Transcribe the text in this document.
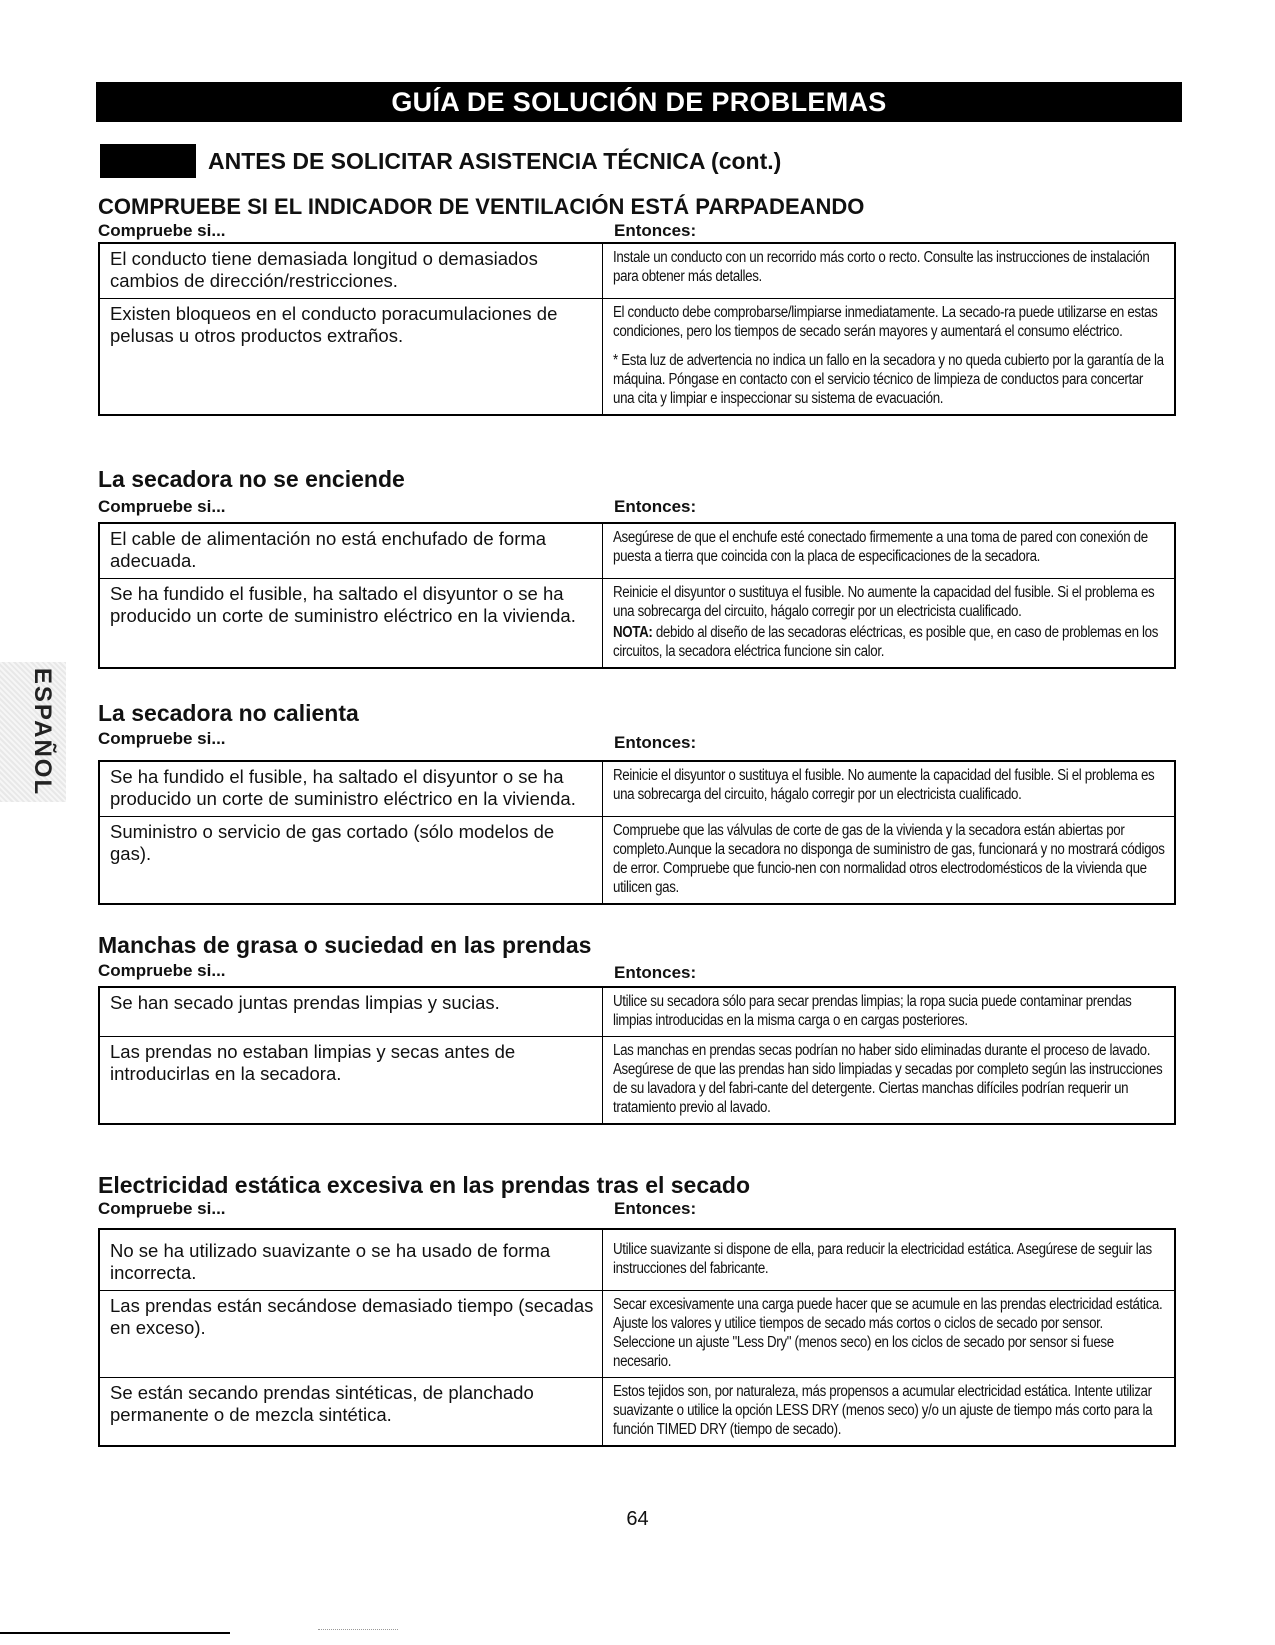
GUÍA DE SOLUCIÓN DE PROBLEMAS
ANTES DE SOLICITAR ASISTENCIA TÉCNICA (cont.)
ESPAÑOL
COMPRUEBE SI EL INDICADOR DE VENTILACIÓN ESTÁ PARPADEANDO
Compruebe si...	Entonces:
El conducto tiene demasiada longitud o demasiados cambios de dirección/restricciones.	Instale un conducto con un recorrido más corto o recto. Consulte las instrucciones de instalación para obtener más detalles.

Existen bloqueos en el conducto poracumulaciones de pelusas u otros productos extraños.	El conducto debe comprobarse/limpiarse inmediatamente. La secado-ra puede utilizarse en estas condiciones, pero los tiempos de secado serán mayores y aumentará el consumo eléctrico.

* Esta luz de advertencia no indica un fallo en la secadora y no queda cubierto por la garantía de la máquina. Póngase en contacto con el servicio técnico de limpieza de conductos para concertar una cita y limpiar e inspeccionar su sistema de evacuación.

La secadora no se enciende
Compruebe si...	Entonces:
El cable de alimentación no está enchufado de forma adecuada.	Asegúrese de que el enchufe esté conectado firmemente a una toma de pared con conexión de puesta a tierra que coincida con la placa de especificaciones de la secadora.

Se ha fundido el fusible, ha saltado el disyuntor o se ha producido un corte de suministro eléctrico en la vivienda.	Reinicie el disyuntor o sustituya el fusible. No aumente la capacidad del fusible. Si el problema es una sobrecarga del circuito, hágalo corregir por un electricista cualificado.

NOTA: debido al diseño de las secadoras eléctricas, es posible que, en caso de problemas en los circuitos, la secadora eléctrica funcione sin calor.

La secadora no calienta
Compruebe si...	Entonces:
Se ha fundido el fusible, ha saltado el disyuntor o se ha producido un corte de suministro eléctrico en la vivienda.	Reinicie el disyuntor o sustituya el fusible. No aumente la capacidad del fusible. Si el problema es una sobrecarga del circuito, hágalo corregir por un electricista cualificado.

Suministro o servicio de gas cortado (sólo modelos de gas).	Compruebe que las válvulas de corte de gas de la vivienda y la secadora están abiertas por completo.Aunque la secadora no disponga de suministro de gas, funcionará y no mostrará códigos de error. Compruebe que funcio-nen con normalidad otros electrodomésticos de la vivienda que utilicen gas.

Manchas de grasa o suciedad en las prendas
Compruebe si...	Entonces:
Se han secado juntas prendas limpias y sucias.	Utilice su secadora sólo para secar prendas limpias; la ropa sucia puede contaminar prendas limpias introducidas en la misma carga o en cargas posteriores.

Las prendas no estaban limpias y secas antes de introducirlas en la secadora.	Las manchas en prendas secas podrían no haber sido eliminadas durante el proceso de lavado. Asegúrese de que las prendas han sido limpiadas y secadas por completo según las instrucciones de su lavadora y del fabri-cante del detergente. Ciertas manchas difíciles podrían requerir un tratamiento previo al lavado.

Electricidad estática excesiva en las prendas tras el secado
Compruebe si...	Entonces:
No se ha utilizado suavizante o se ha usado de forma incorrecta.	Utilice suavizante si dispone de ella, para reducir la electricidad estática. Asegúrese de seguir las instrucciones del fabricante.

Las prendas están secándose demasiado tiempo (secadas en exceso).	Secar excesivamente una carga puede hacer que se acumule en las prendas electricidad estática. Ajuste los valores y utilice tiempos de secado más cortos o ciclos de secado por sensor. Seleccione un ajuste "Less Dry" (menos seco) en los ciclos de secado por sensor si fuese necesario.

Se están secando prendas sintéticas, de planchado permanente o de mezcla sintética.	Estos tejidos son, por naturaleza, más propensos a acumular electricidad estática. Intente utilizar suavizante o utilice la opción LESS DRY (menos seco) y/o un ajuste de tiempo más corto para la función TIMED DRY (tiempo de secado).

64
